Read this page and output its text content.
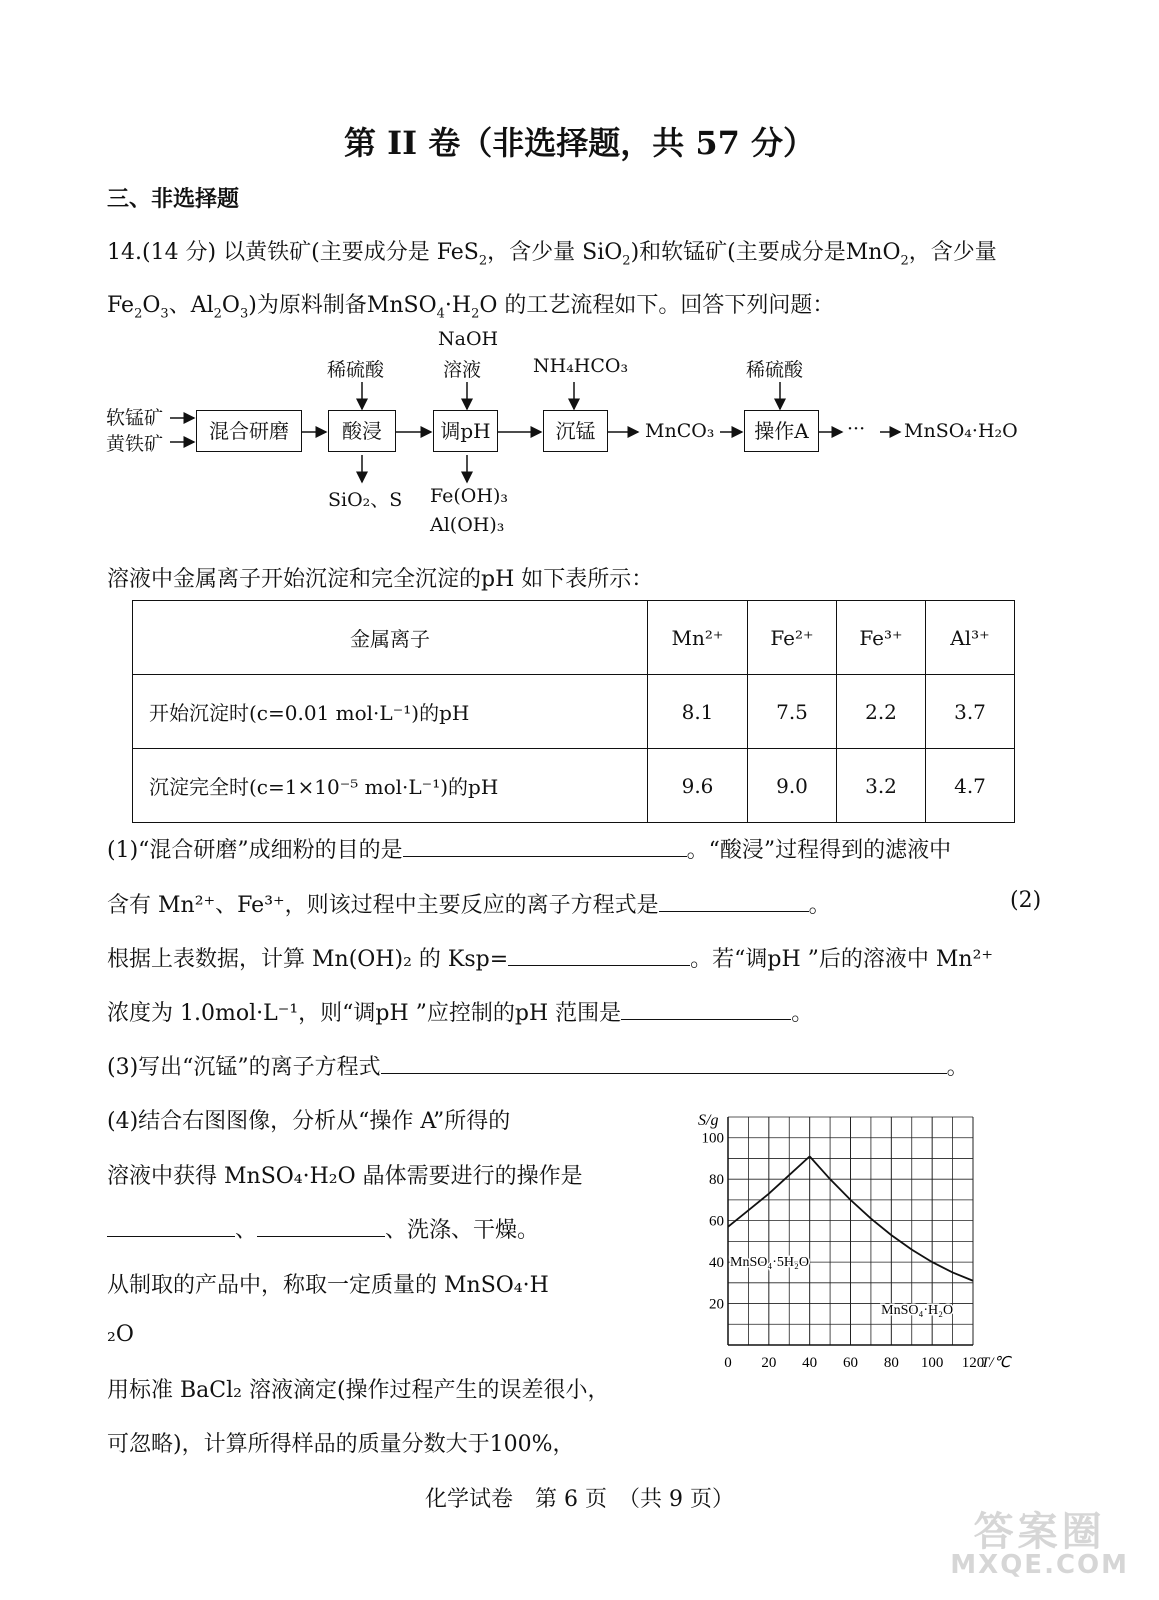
第 II 卷（非选择题，共 57 分）
三、非选择题
14.(14 分) 以黄铁矿(主要成分是 FeS$_2$，含少量 SiO$_2$)和软锰矿(主要成分是MnO$_2$，含少量
$Fe_2O_3$、$Al_2O_3$)为原料制备$MnSO_4\cdot H_2O$ 的工艺流程如下。回答下列问题：
软锰矿
黄铁矿
混合研磨	酸浸	调pH	沉锰	操作A
稀硫酸
NaOH
溶液	NH₄HCO₃	稀硫酸
MnCO₃	··· MnSO₄·H₂O
SiO₂、S Fe(OH)₃
Al(OH)₃
溶液中金属离子开始沉淀和完全沉淀的pH 如下表所示：
金属离子	Mn²⁺	Fe²⁺	Fe³⁺	Al³⁺
开始沉淀时(c=0.01 mol·L⁻¹)的pH	8.1	7.5	2.2	3.7
沉淀完全时(c=1×10⁻⁵ mol·L⁻¹)的pH	9.6	9.0	3.2	4.7
(1)“混合研磨”成细粉的目的是	。“酸浸”过程得到的滤液中
含有 Mn²⁺、Fe³⁺，则该过程中主要反应的离子方程式是	。	(2)
根据上表数据，计算 Mn(OH)₂ 的 Ksp=	。若“调pH ”后的溶液中 Mn²⁺
浓度为 1.0mol·L⁻¹，则“调pH ”应控制的pH 范围是	。
(3)写出“沉锰”的离子方程式	。
(4)结合右图图像，分析从“操作 A”所得的
溶液中获得 MnSO₄·H₂O 晶体需要进行的操作是
、	、洗涤、干燥。
从制取的产品中，称取一定质量的 MnSO₄·H
₂O
用标准 BaCl₂ 溶液滴定(操作过程产生的误差很小，
可忽略)，计算所得样品的质量分数大于100%，
0 20 40 60 80 100 120
20
40
60
80
100
S/g
T/℃
MnSO₄·5H₂O
MnSO₄·H₂O
化学试卷　第 6 页　（共 9 页）
答案圈
MXQE.COM
